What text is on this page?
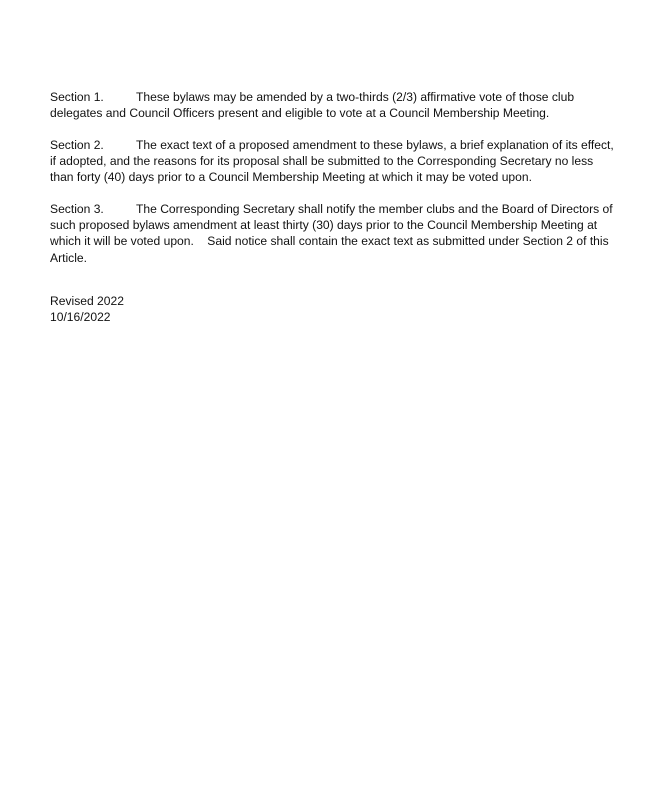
Section 1.	These bylaws may be amended by a two-thirds (2/3) affirmative vote of those club delegates and Council Officers present and eligible to vote at a Council Membership Meeting.

Section 2.	The exact text of a proposed amendment to these bylaws, a brief explanation of its effect, if adopted, and the reasons for its proposal shall be submitted to the Corresponding Secretary no less than forty (40) days prior to a Council Membership Meeting at which it may be voted upon.

Section 3.	The Corresponding Secretary shall notify the member clubs and the Board of Directors of such proposed bylaws amendment at least thirty (30) days prior to the Council Membership Meeting at which it will be voted upon.    Said notice shall contain the exact text as submitted under Section 2 of this Article.

Revised 2022
10/16/2022
